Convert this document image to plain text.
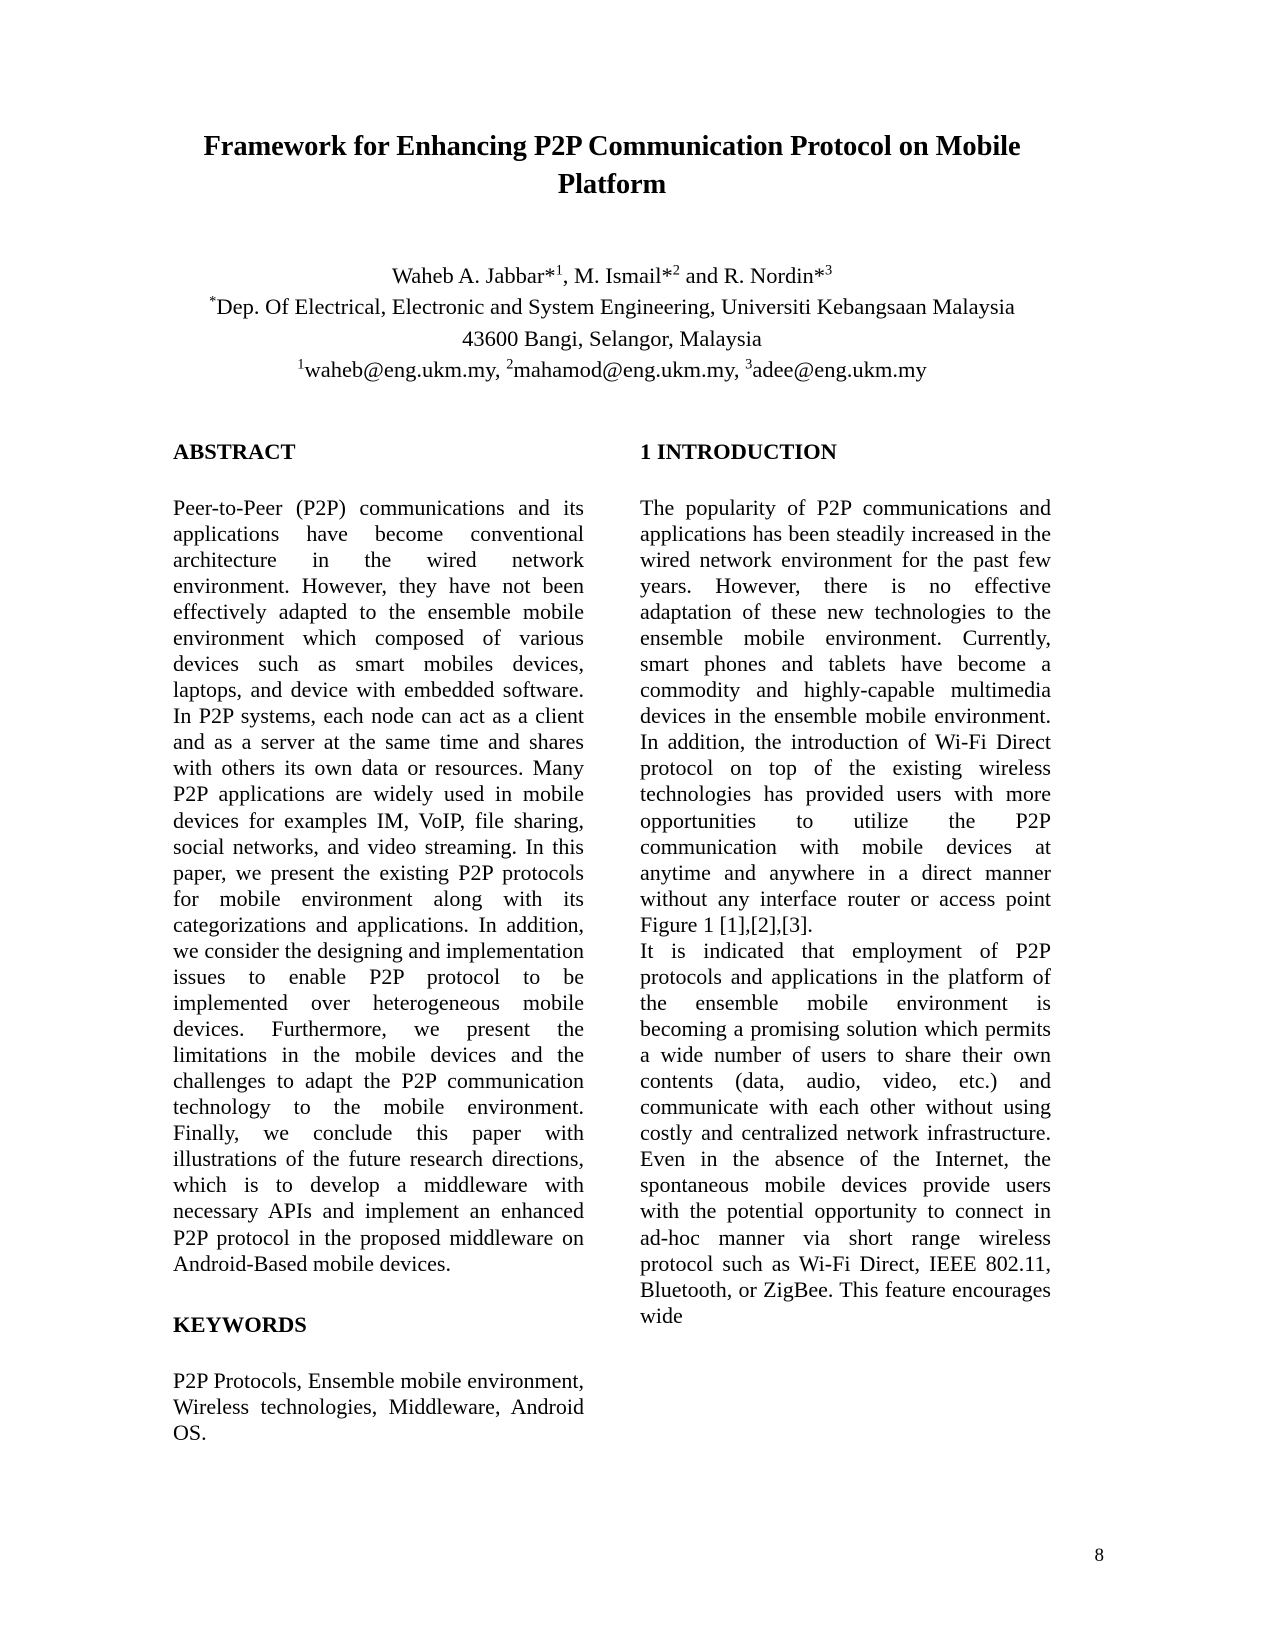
Framework for Enhancing P2P Communication Protocol on Mobile Platform
Waheb A. Jabbar*$^1$, M. Ismail*$^2$ and R. Nordin*$^3$
*Dep. Of Electrical, Electronic and System Engineering, Universiti Kebangsaan Malaysia
43600 Bangi, Selangor, Malaysia
$^1$waheb@eng.ukm.my, $^2$mahamod@eng.ukm.my, $^3$adee@eng.ukm.my
ABSTRACT

Peer-to-Peer (P2P) communications and its applications have become conventional architecture in the wired network environment. However, they have not been effectively adapted to the ensemble mobile environment which composed of various devices such as smart mobiles devices, laptops, and device with embedded software. In P2P systems, each node can act as a client and as a server at the same time and shares with others its own data or resources. Many P2P applications are widely used in mobile devices for examples IM, VoIP, file sharing, social networks, and video streaming. In this paper, we present the existing P2P protocols for mobile environment along with its categorizations and applications. In addition, we consider the designing and implementation issues to enable P2P protocol to be implemented over heterogeneous mobile devices. Furthermore, we present the limitations in the mobile devices and the challenges to adapt the P2P communication technology to the mobile environment. Finally, we conclude this paper with illustrations of the future research directions, which is to develop a middleware with necessary APIs and implement an enhanced P2P protocol in the proposed middleware on Android-Based mobile devices.

KEYWORDS

P2P Protocols, Ensemble mobile environment, Wireless technologies, Middleware, Android OS.

1 INTRODUCTION

The popularity of P2P communications and applications has been steadily increased in the wired network environment for the past few years. However, there is no effective adaptation of these new technologies to the ensemble mobile environment. Currently, smart phones and tablets have become a commodity and highly-capable multimedia devices in the ensemble mobile environment. In addition, the introduction of Wi-Fi Direct protocol on top of the existing wireless technologies has provided users with more opportunities to utilize the P2P communication with mobile devices at anytime and anywhere in a direct manner without any interface router or access point Figure 1 [1],[2],[3].

It is indicated that employment of P2P protocols and applications in the platform of the ensemble mobile environment is becoming a promising solution which permits a wide number of users to share their own contents (data, audio, video, etc.) and communicate with each other without using costly and centralized network infrastructure. Even in the absence of the Internet, the spontaneous mobile devices provide users with the potential opportunity to connect in ad-hoc manner via short range wireless protocol such as Wi-Fi Direct, IEEE 802.11, Bluetooth, or ZigBee. This feature encourages wide

8
